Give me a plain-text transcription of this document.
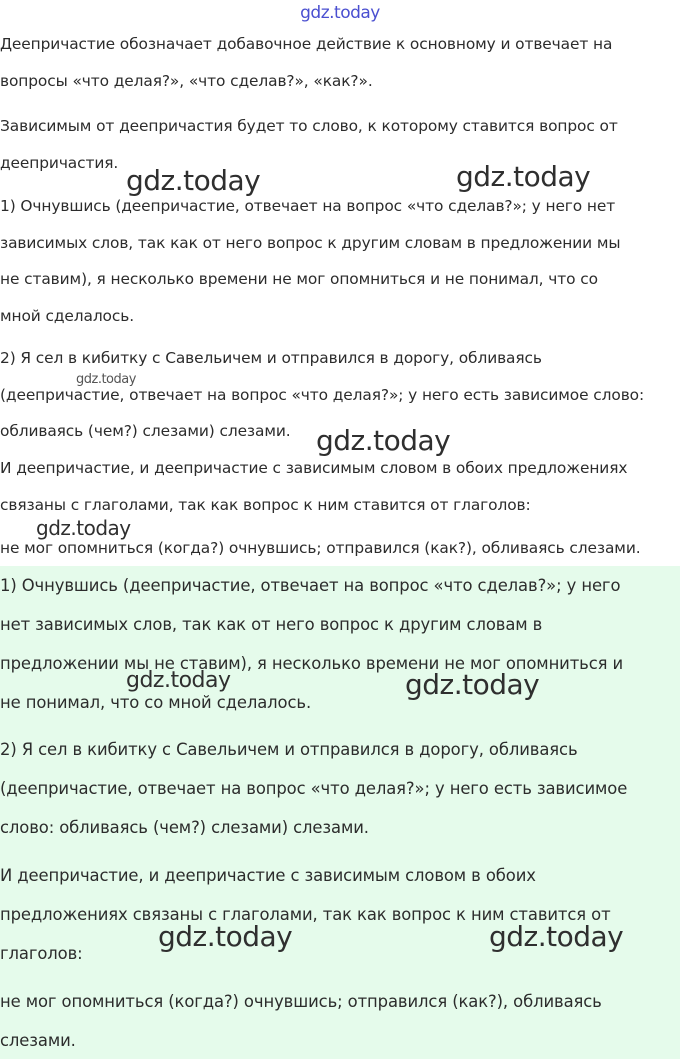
gdz.today
Деепричастие обозначает добавочное действие к основному и отвечает на
вопросы «что делая?», «что сделав?», «как?».
Зависимым от деепричастия будет то слово, к которому ставится вопрос от
деепричастия.
1) Очнувшись (деепричастие, отвечает на вопрос «что сделав?»; у него нет
зависимых слов, так как от него вопрос к другим словам в предложении мы
не ставим), я несколько времени не мог опомниться и не понимал, что со
мной сделалось.
2) Я сел в кибитку с Савельичем и отправился в дорогу, обливаясь
(деепричастие, отвечает на вопрос «что делая?»; у него есть зависимое слово:
обливаясь (чем?) слезами) слезами.
И деепричастие, и деепричастие с зависимым словом в обоих предложениях
связаны с глаголами, так как вопрос к ним ставится от глаголов:
не мог опомниться (когда?) очнувшись; отправился (как?), обливаясь слезами.
1) Очнувшись (деепричастие, отвечает на вопрос «что сделав?»; у него
нет зависимых слов, так как от него вопрос к другим словам в
предложении мы не ставим), я несколько времени не мог опомниться и
не понимал, что со мной сделалось.
2) Я сел в кибитку с Савельичем и отправился в дорогу, обливаясь
(деепричастие, отвечает на вопрос «что делая?»; у него есть зависимое
слово: обливаясь (чем?) слезами) слезами.
И деепричастие, и деепричастие с зависимым словом в обоих
предложениях связаны с глаголами, так как вопрос к ним ставится от
глаголов:
не мог опомниться (когда?) очнувшись; отправился (как?), обливаясь
слезами.
gdz.today	gdz.today
gdz.today
gdz.today
gdz.today
gdz.today	gdz.today
gdz.today	gdz.today
